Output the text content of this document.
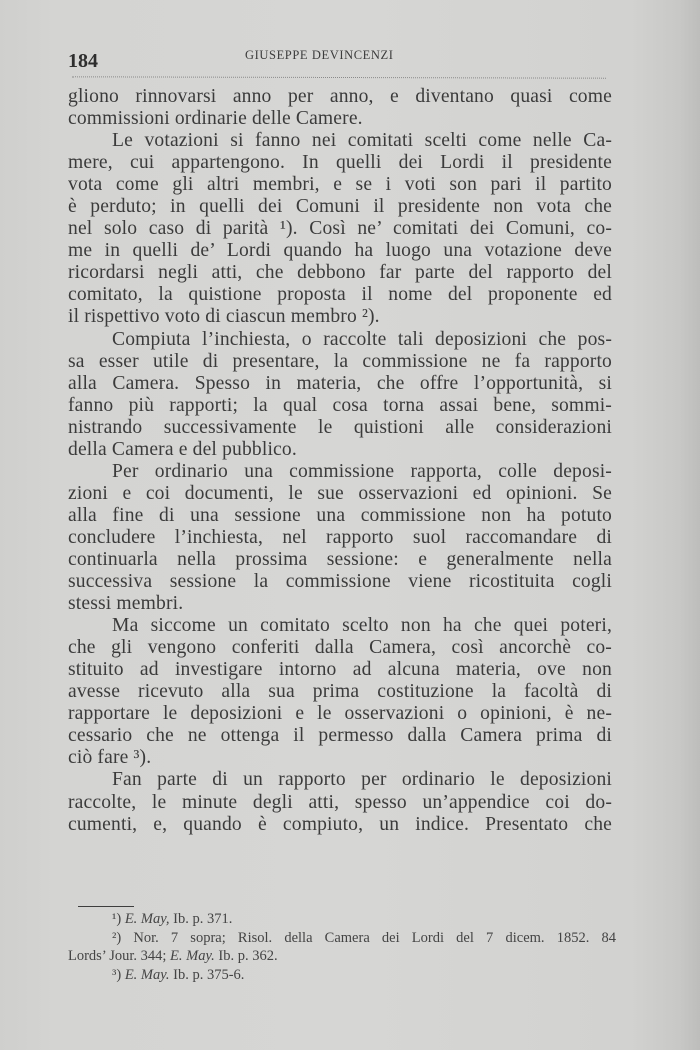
184	GIUSEPPE DEVINCENZI
gliono rinnovarsi anno per anno, e diventano quasi come
commissioni ordinarie delle Camere.
Le votazioni si fanno nei comitati scelti come nelle Ca-
mere, cui appartengono. In quelli dei Lordi il presidente
vota come gli altri membri, e se i voti son pari il partito
è perduto; in quelli dei Comuni il presidente non vota che
nel solo caso di parità ¹). Così ne’ comitati dei Comuni, co-
me in quelli de’ Lordi quando ha luogo una votazione deve
ricordarsi negli atti, che debbono far parte del rapporto del
comitato, la quistione proposta il nome del proponente ed
il rispettivo voto di ciascun membro ²).
Compiuta l’inchiesta, o raccolte tali deposizioni che pos-
sa esser utile di presentare, la commissione ne fa rapporto
alla Camera. Spesso in materia, che offre l’opportunità, si
fanno più rapporti; la qual cosa torna assai bene, sommi-
nistrando successivamente le quistioni alle considerazioni
della Camera e del pubblico.
Per ordinario una commissione rapporta, colle deposi-
zioni e coi documenti, le sue osservazioni ed opinioni. Se
alla fine di una sessione una commissione non ha potuto
concludere l’inchiesta, nel rapporto suol raccomandare di
continuarla nella prossima sessione: e generalmente nella
successiva sessione la commissione viene ricostituita cogli
stessi membri.
Ma siccome un comitato scelto non ha che quei poteri,
che gli vengono conferiti dalla Camera, così ancorchè co-
stituito ad investigare intorno ad alcuna materia, ove non
avesse ricevuto alla sua prima costituzione la facoltà di
rapportare le deposizioni e le osservazioni o opinioni, è ne-
cessario che ne ottenga il permesso dalla Camera prima di
ciò fare ³).
Fan parte di un rapporto per ordinario le deposizioni
raccolte, le minute degli atti, spesso un’appendice coi do-
cumenti, e, quando è compiuto, un indice. Presentato che
¹) E. May, Ib. p. 371.
²) Nor. 7 sopra; Risol. della Camera dei Lordi del 7 dicem. 1852. 84
Lords’ Jour. 344; E. May. Ib. p. 362.
³) E. May. Ib. p. 375-6.
